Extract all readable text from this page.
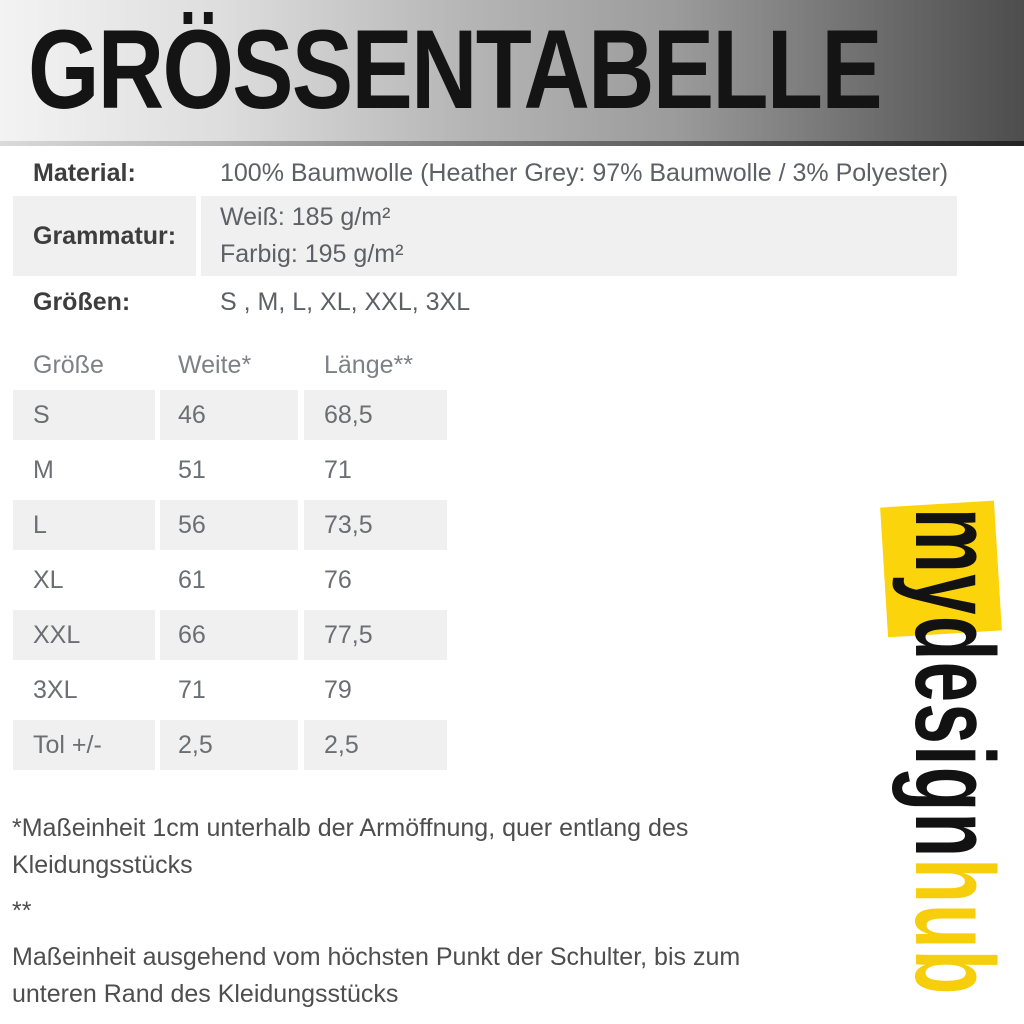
GRÖSSENTABELLE
Material:	100% Baumwolle (Heather Grey: 97% Baumwolle / 3% Polyester)
Grammatur:
Weiß: 185 g/m²
Farbig: 195 g/m²
Größen:	S , M, L, XL, XXL, 3XL
Größe	Weite*	Länge**
S	46	68,5
M	51	71
L	56	73,5
XL	61	76
XXL	66	77,5
3XL	71	79
Tol +/-	2,5	2,5

*Maßeinheit 1cm unterhalb der Armöffnung, quer entlang des Kleidungsstücks

**

Maßeinheit ausgehend vom höchsten Punkt der Schulter, bis zum unteren Rand des Kleidungsstücks

mydesignhub
